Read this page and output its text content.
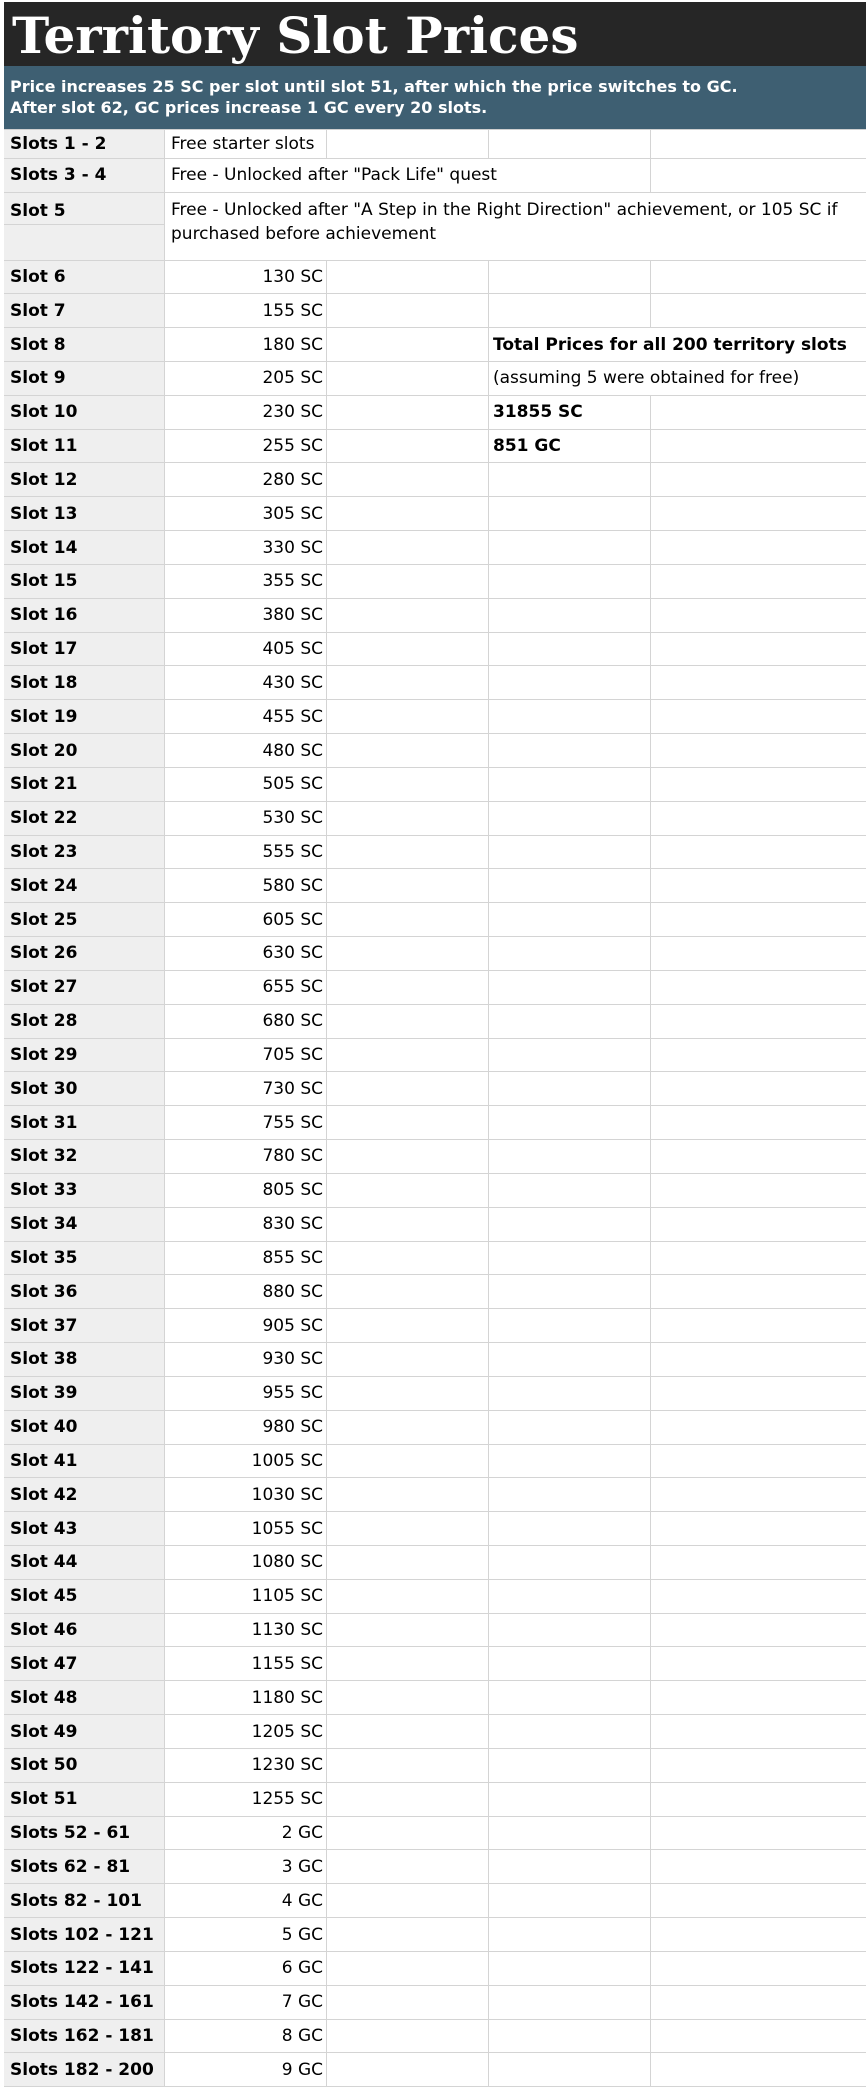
Territory Slot Prices
Price increases 25 SC per slot until slot 51, after which the price switches to GC.
After slot 62, GC prices increase 1 GC every 20 slots.
Slots 1 - 2	Free starter slots
Slots 3 - 4	Free - Unlocked after "Pack Life" quest
Slot 5	Free - Unlocked after "A Step in the Right Direction" achievement, or 105 SC if purchased before achievement
Slot 6	130 SC
Slot 7	155 SC
Slot 8	180 SC	Total Prices for all 200 territory slots
Slot 9	205 SC	(assuming 5 were obtained for free)
Slot 10	230 SC	31855 SC
Slot 11	255 SC	851 GC
Slot 12	280 SC
Slot 13	305 SC
Slot 14	330 SC
Slot 15	355 SC
Slot 16	380 SC
Slot 17	405 SC
Slot 18	430 SC
Slot 19	455 SC
Slot 20	480 SC
Slot 21	505 SC
Slot 22	530 SC
Slot 23	555 SC
Slot 24	580 SC
Slot 25	605 SC
Slot 26	630 SC
Slot 27	655 SC
Slot 28	680 SC
Slot 29	705 SC
Slot 30	730 SC
Slot 31	755 SC
Slot 32	780 SC
Slot 33	805 SC
Slot 34	830 SC
Slot 35	855 SC
Slot 36	880 SC
Slot 37	905 SC
Slot 38	930 SC
Slot 39	955 SC
Slot 40	980 SC
Slot 41	1005 SC
Slot 42	1030 SC
Slot 43	1055 SC
Slot 44	1080 SC
Slot 45	1105 SC
Slot 46	1130 SC
Slot 47	1155 SC
Slot 48	1180 SC
Slot 49	1205 SC
Slot 50	1230 SC
Slot 51	1255 SC
Slots 52 - 61	2 GC
Slots 62 - 81	3 GC
Slots 82 - 101	4 GC
Slots 102 - 121	5 GC
Slots 122 - 141	6 GC
Slots 142 - 161	7 GC
Slots 162 - 181	8 GC
Slots 182 - 200	9 GC
